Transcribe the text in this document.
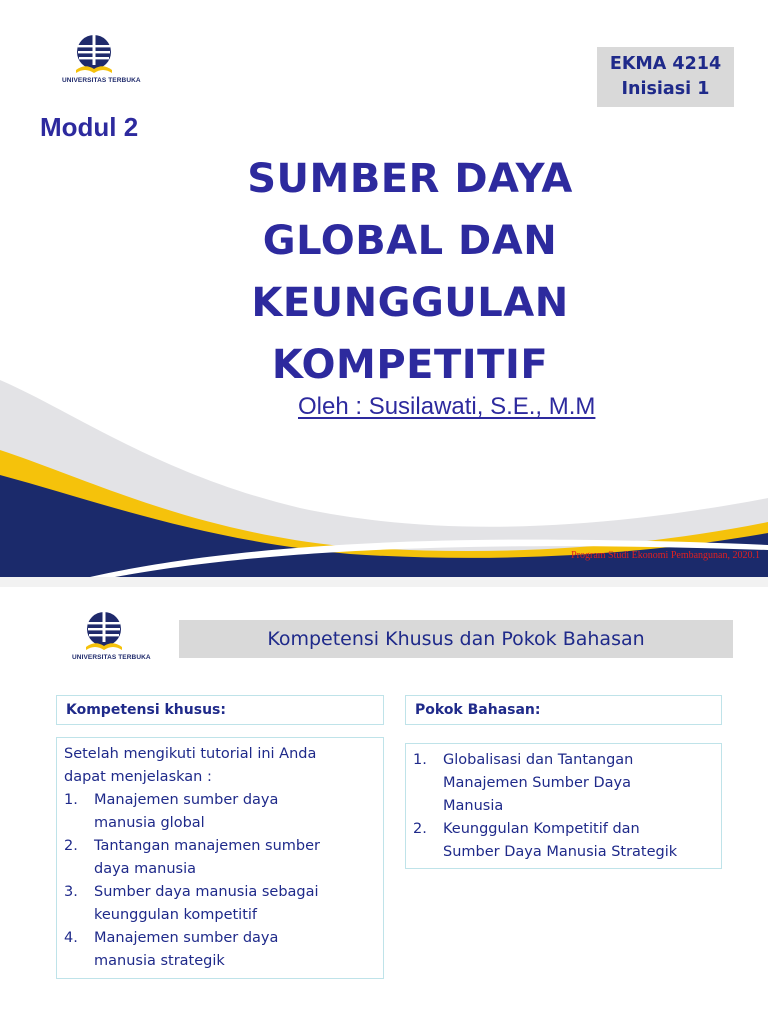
UNIVERSITAS TERBUKA
EKMA 4214
Inisiasi 1
Modul 2
SUMBER DAYA
GLOBAL DAN
KEUNGGULAN
KOMPETITIF
Oleh : Susilawati, S.E., M.M
Program Studi Ekonomi Pembangunan, 2020.1
UNIVERSITAS TERBUKA
Kompetensi Khusus dan Pokok Bahasan
Kompetensi khusus:

Setelah mengikuti tutorial ini Anda

dapat menjelaskan :

1. Manajemen sumber daya
manusia global
2. Tantangan manajemen sumber
daya manusia
3. Sumber daya manusia sebagai
keunggulan kompetitif
4. Manajemen sumber daya
manusia strategik
Pokok Bahasan:
1. Globalisasi dan Tantangan
Manajemen Sumber Daya
Manusia
2. Keunggulan Kompetitif dan
Sumber Daya Manusia Strategik
